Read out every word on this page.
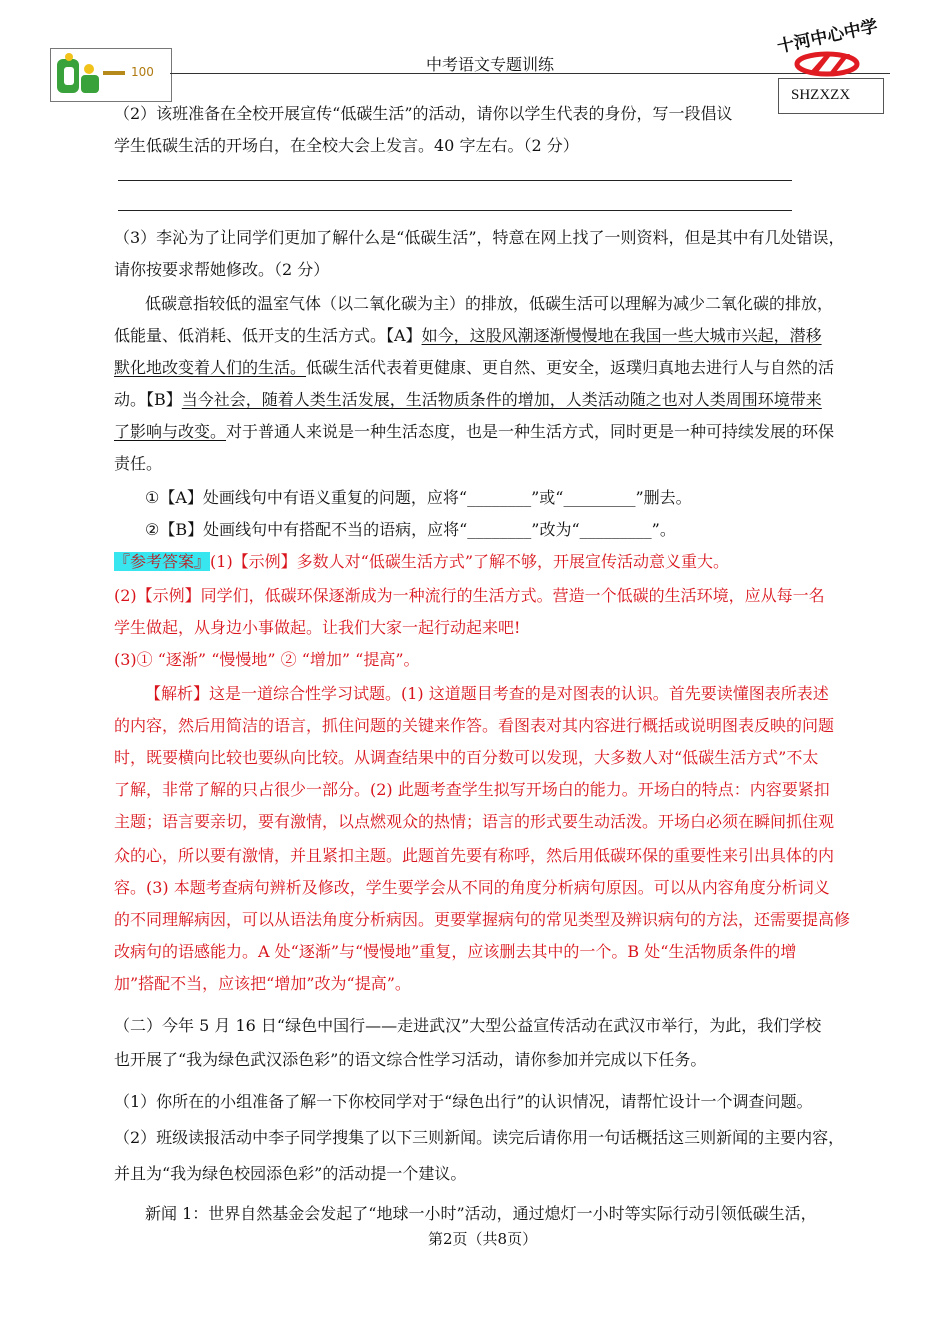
100	中考语文专题训练
十河中心中学
SHZXZX
（2）该班准备在全校开展宣传“低碳生活”的活动，请你以学生代表的身份，写一段倡议
学生低碳生活的开场白，在全校大会上发言。40 字左右。（2 分）
（3）李沁为了让同学们更加了解什么是“低碳生活”，特意在网上找了一则资料，但是其中有几处错误，
请你按要求帮她修改。（2 分）
低碳意指较低的温室气体（以二氧化碳为主）的排放，低碳生活可以理解为减少二氧化碳的排放，
低能量、低消耗、低开支的生活方式。【A】如今，这股风潮逐渐慢慢地在我国一些大城市兴起，潜移
默化地改变着人们的生活。低碳生活代表着更健康、更自然、更安全，返璞归真地去进行人与自然的活
动。【B】当今社会，随着人类生活发展，生活物质条件的增加，人类活动随之也对人类周围环境带来
了影响与改变。对于普通人来说是一种生活态度，也是一种生活方式，同时更是一种可持续发展的环保
责任。
①【A】处画线句中有语义重复的问题，应将“________”或“_________”删去。
②【B】处画线句中有搭配不当的语病，应将“________”改为“_________”。
『参考答案』(1)【示例】多数人对“低碳生活方式”了解不够，开展宣传活动意义重大。
(2)【示例】同学们，低碳环保逐渐成为一种流行的生活方式。营造一个低碳的生活环境，应从每一名
学生做起，从身边小事做起。让我们大家一起行动起来吧!
(3)① “逐渐” “慢慢地” ② “增加” “提高”。
【解析】这是一道综合性学习试题。(1) 这道题目考查的是对图表的认识。首先要读懂图表所表述
的内容，然后用简洁的语言，抓住问题的关键来作答。看图表对其内容进行概括或说明图表反映的问题
时，既要横向比较也要纵向比较。从调查结果中的百分数可以发现，大多数人对“低碳生活方式”不太
了解，非常了解的只占很少一部分。(2) 此题考查学生拟写开场白的能力。开场白的特点：内容要紧扣
主题；语言要亲切，要有激情，以点燃观众的热情；语言的形式要生动活泼。开场白必须在瞬间抓住观
众的心，所以要有激情，并且紧扣主题。此题首先要有称呼，然后用低碳环保的重要性来引出具体的内
容。(3) 本题考查病句辨析及修改，学生要学会从不同的角度分析病句原因。可以从内容角度分析词义
的不同理解病因，可以从语法角度分析病因。更要掌握病句的常见类型及辨识病句的方法，还需要提高修
改病句的语感能力。A 处“逐渐”与“慢慢地”重复，应该删去其中的一个。B 处“生活物质条件的增
加”搭配不当，应该把“增加”改为“提高”。
（二）今年 5 月 16 日“绿色中国行——走进武汉”大型公益宣传活动在武汉市举行，为此，我们学校
也开展了“我为绿色武汉添色彩”的语文综合性学习活动，请你参加并完成以下任务。
（1）你所在的小组准备了解一下你校同学对于“绿色出行”的认识情况，请帮忙设计一个调查问题。
（2）班级读报活动中李子同学搜集了以下三则新闻。读完后请你用一句话概括这三则新闻的主要内容，
并且为“我为绿色校园添色彩”的活动提一个建议。
新闻 1：世界自然基金会发起了“地球一小时”活动，通过熄灯一小时等实际行动引领低碳生活，
第2页（共8页）
